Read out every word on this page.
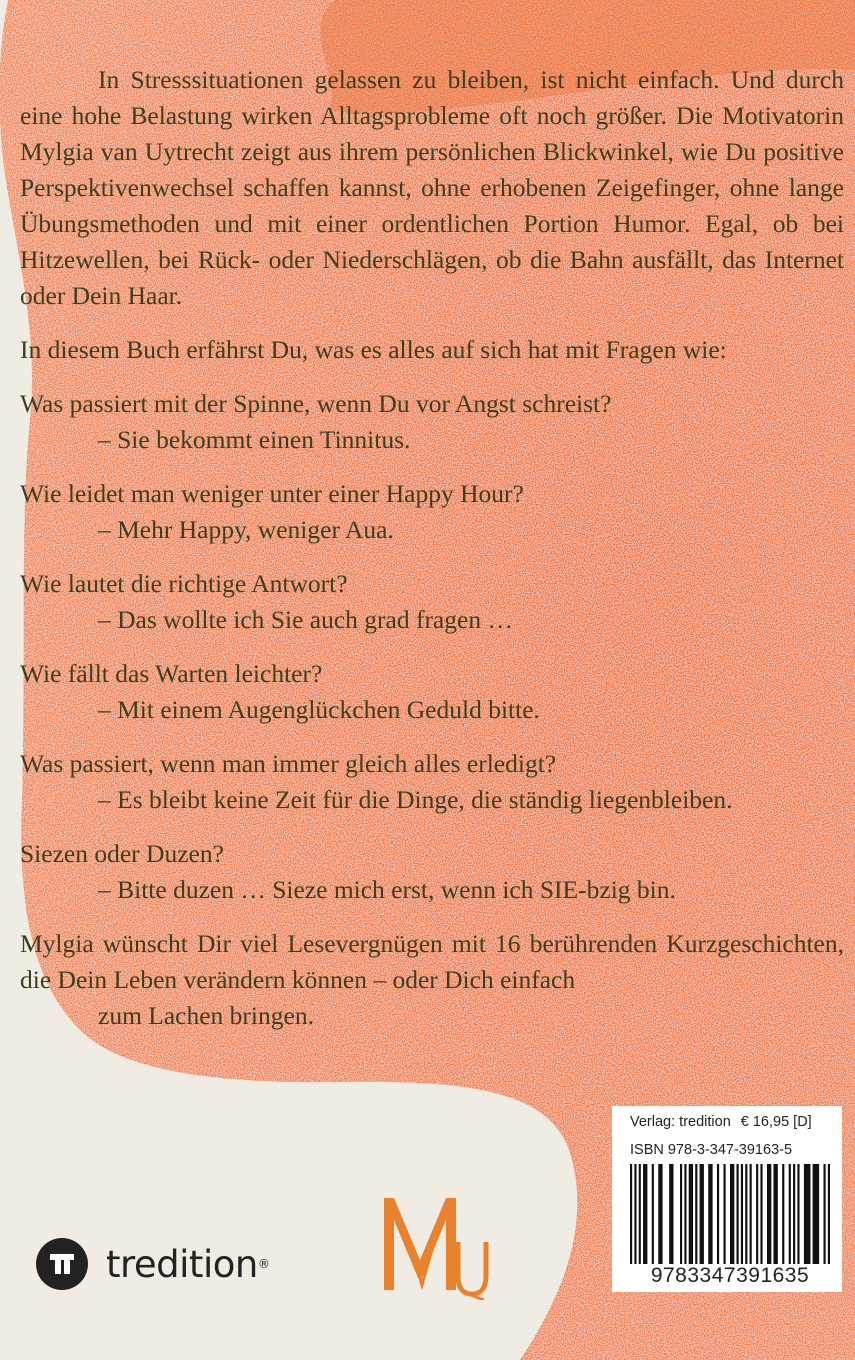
In Stresssituationen gelassen zu bleiben, ist nicht einfach. Und durch eine hohe Belastung wirken Alltagsprobleme oft noch größer. Die Motivatorin Mylgia van Uytrecht zeigt aus ihrem persönlichen Blickwinkel, wie Du positive Perspektivenwechsel schaffen kannst, ohne erhobenen Zeigefinger, ohne lange Übungsmethoden und mit einer ordentlichen Portion Humor. Egal, ob bei Hitzewellen, bei Rück- oder Niederschlägen, ob die Bahn ausfällt, das Internet oder Dein Haar.

In diesem Buch erfährst Du, was es alles auf sich hat mit Fragen wie:

Was passiert mit der Spinne, wenn Du vor Angst schreist?
– Sie bekommt einen Tinnitus.
Wie leidet man weniger unter einer Happy Hour?
– Mehr Happy, weniger Aua.
Wie lautet die richtige Antwort?
– Das wollte ich Sie auch grad fragen …
Wie fällt das Warten leichter?
– Mit einem Augenglückchen Geduld bitte.
Was passiert, wenn man immer gleich alles erledigt?
– Es bleibt keine Zeit für die Dinge, die ständig liegenbleiben.
Siezen oder Duzen?
– Bitte duzen … Sieze mich erst, wenn ich SIE-bzig bin.

Mylgia wünscht Dir viel Lesevergnügen mit 16 berührenden Kurzgeschichten, die Dein Leben verändern können – oder Dich einfach
zum Lachen bringen.

tredition ®
Verlag: tredition € 16,95 [D]
ISBN 978-3-347-39163-5
9783347391635
